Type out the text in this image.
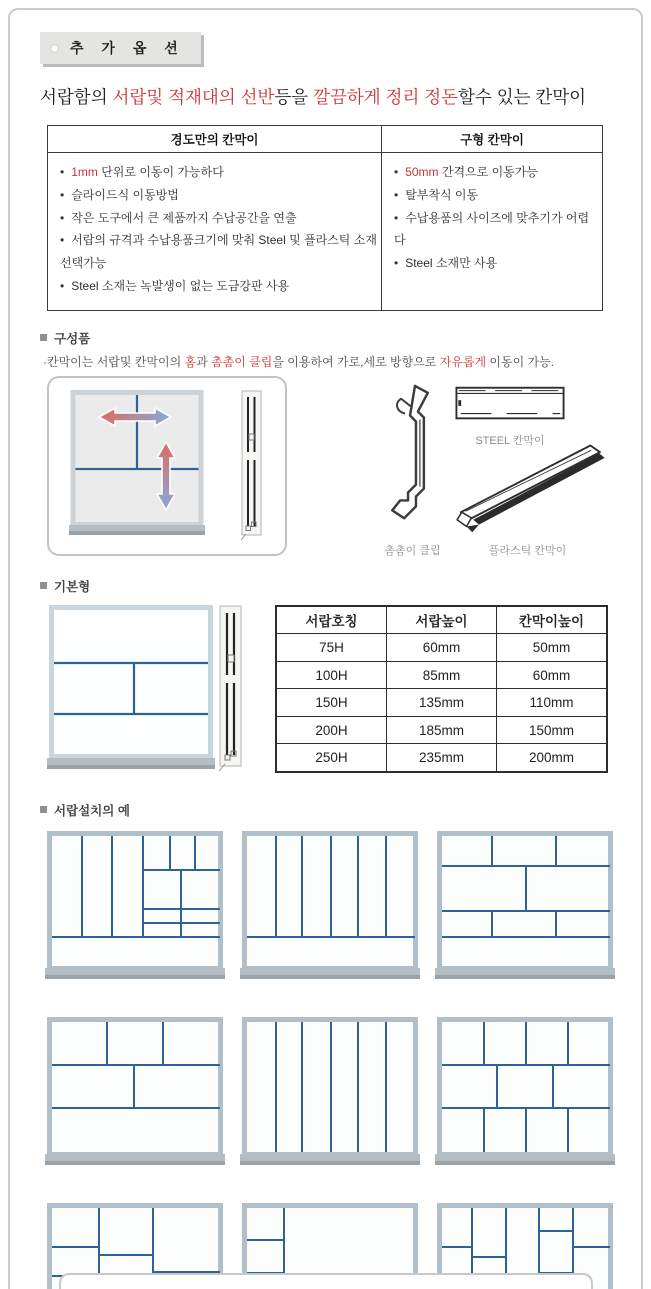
추 가 옵 션
서랍함의 서랍및 적재대의 선반등을 깔끔하게 정리 정돈할수 있는 칸막이
경도만의 칸막이	구형 칸막이

• 1mm 단위로 이동이 가능하다
• 슬라이드식 이동방법
• 작은 도구에서 큰 제품까지 수납공간을 연출
• 서랍의 규격과 수납용품크기에 맞춰 Steel 및 플라스틱 소재 선택가능
• Steel 소재는 녹발생이 없는 도금강판 사용

• 50mm 간격으로 이동가능
• 탈부착식 이동
• 수납용품의 사이즈에 맞추기가 어렵다
• Steel 소재만 사용
구성품
·칸막이는 서랍및 칸막이의 홈과 촘촘이 클립을 이용하여 가로,세로 방향으로 자유롭게 이동이 가능.
촘촘이 클립
STEEL 칸막이
플라스틱 칸막이
기본형
서랍호칭	서랍높이	칸막이높이
75H	60mm	50mm
100H	85mm	60mm
150H	135mm	110mm
200H	185mm	150mm
250H	235mm	200mm
서랍설치의 예
